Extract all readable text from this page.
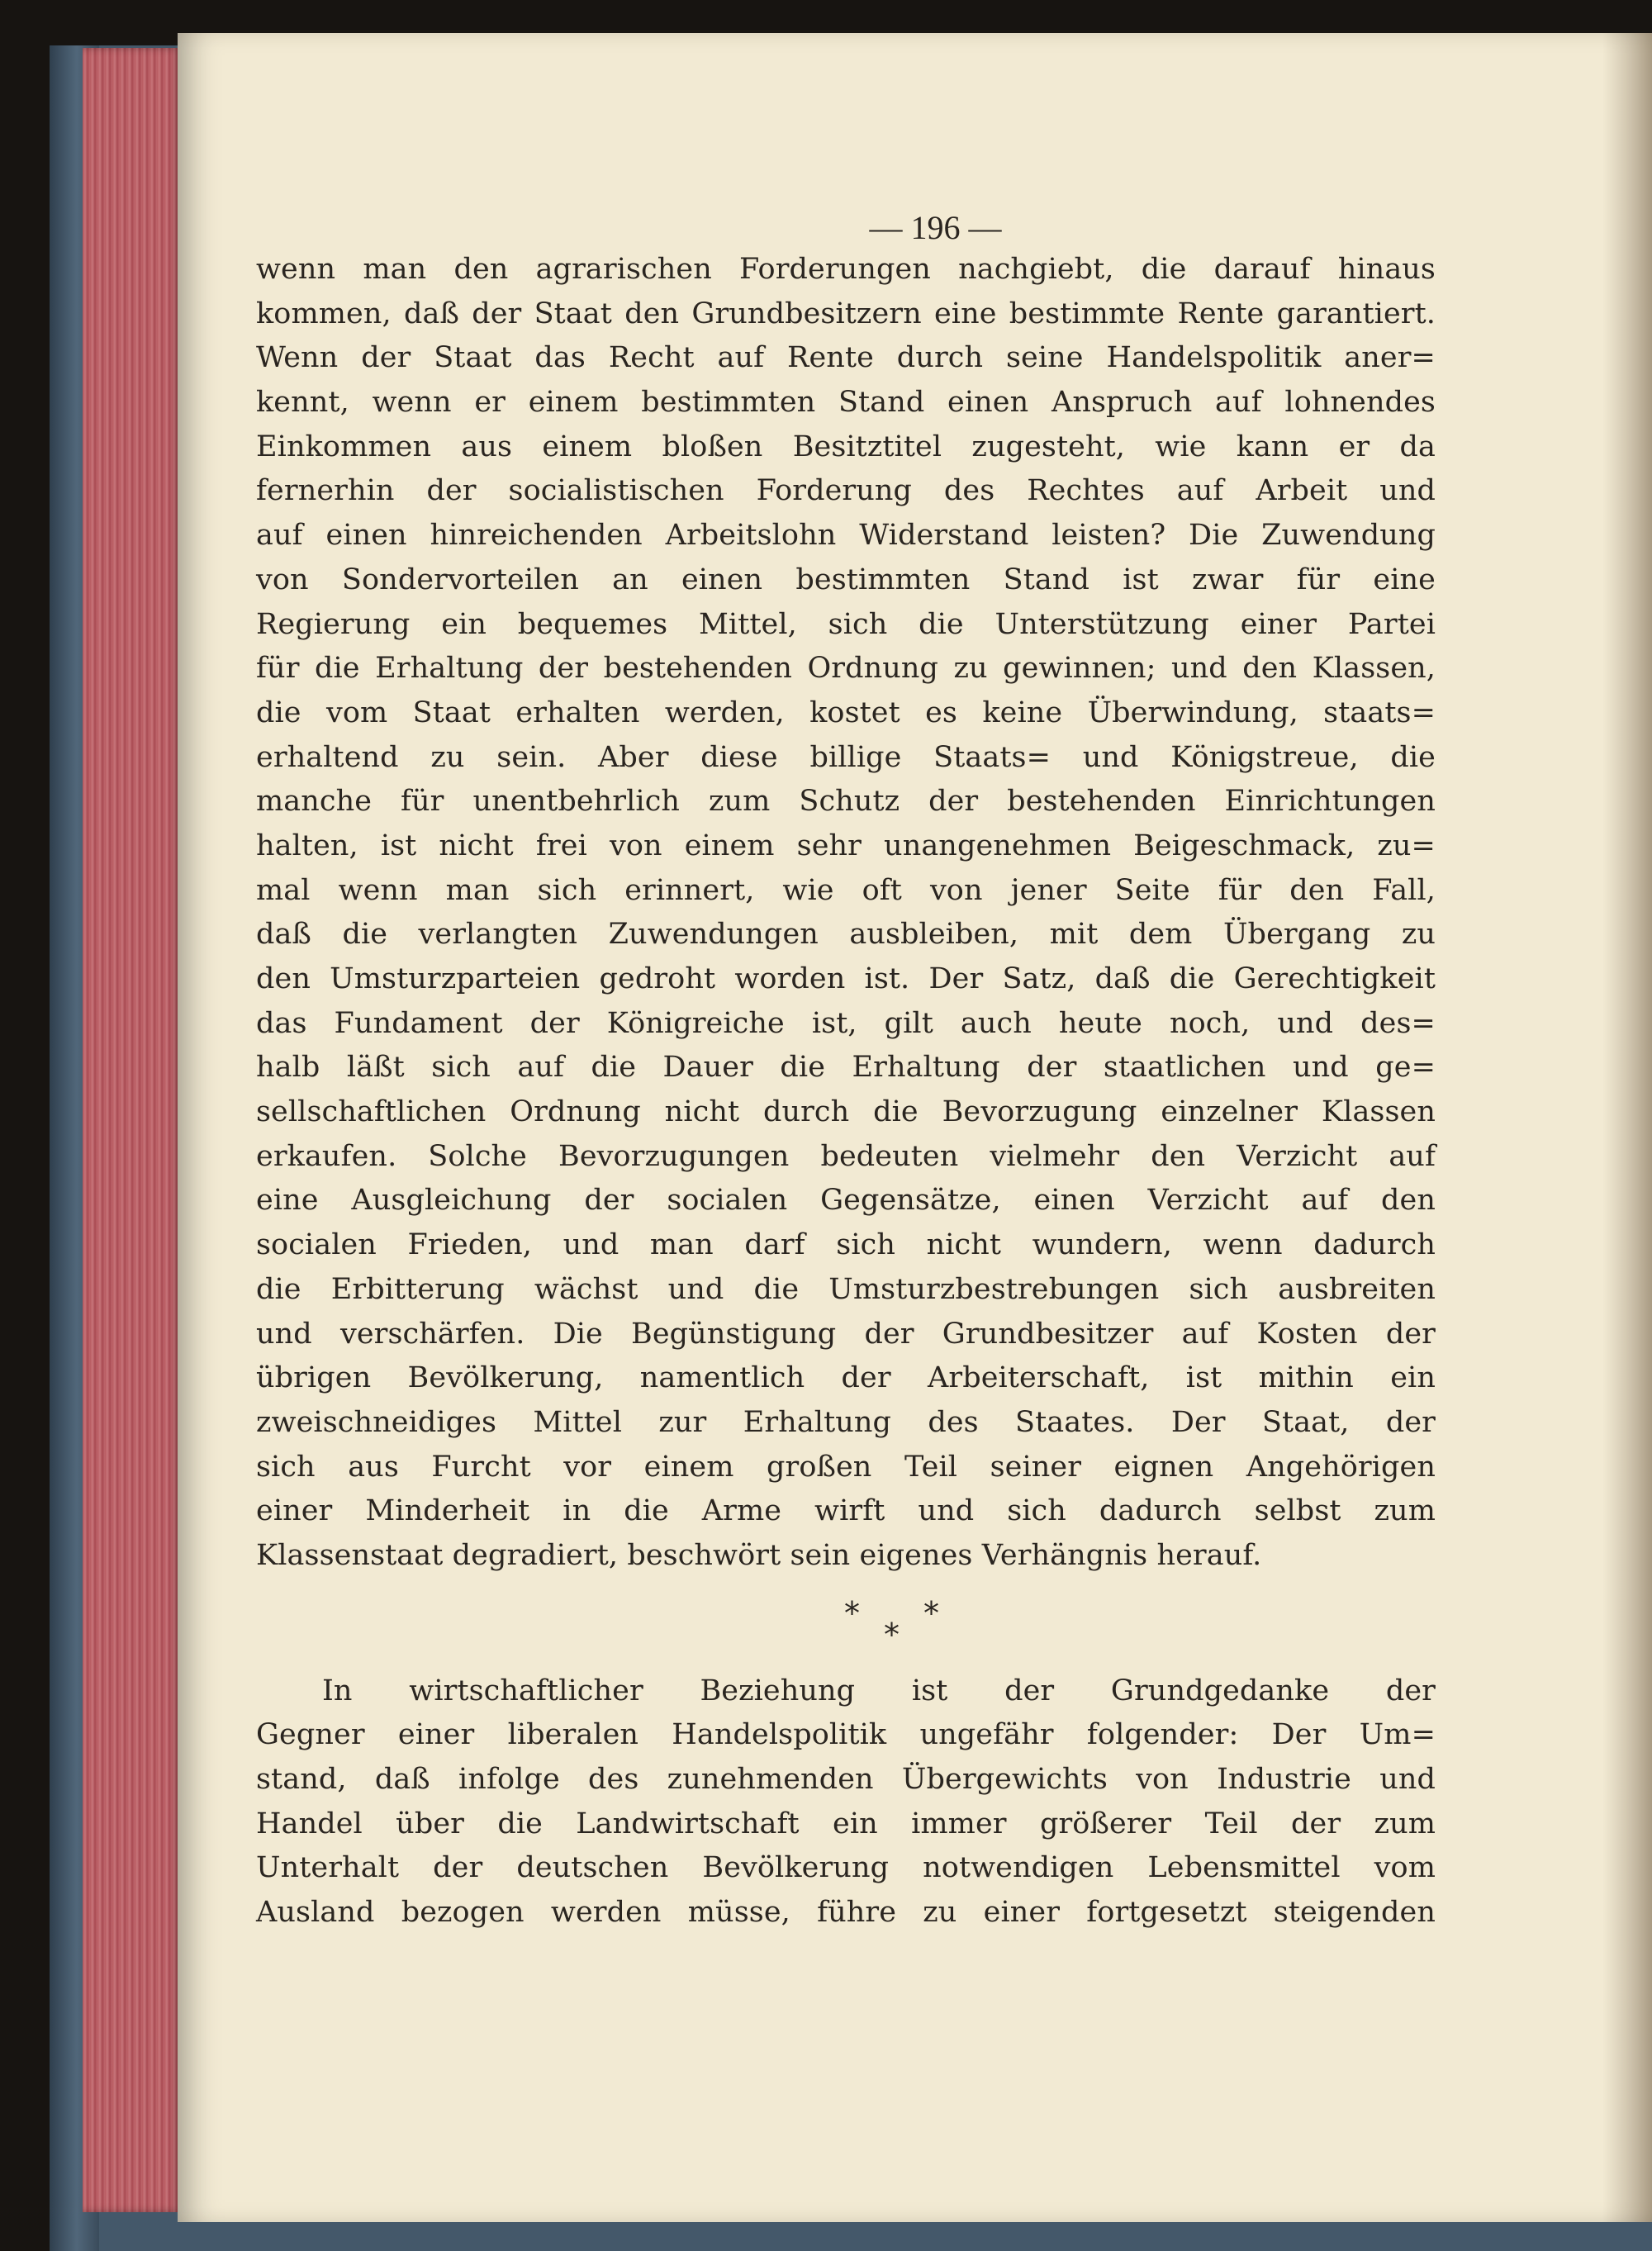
— 196 —

wenn man den agrarischen Forderungen nachgiebt, die darauf hinaus

kommen, daß der Staat den Grundbesitzern eine bestimmte Rente garantiert.

Wenn der Staat das Recht auf Rente durch seine Handelspolitik aner=

kennt, wenn er einem bestimmten Stand einen Anspruch auf lohnendes

Einkommen aus einem bloßen Besitztitel zugesteht, wie kann er da

fernerhin der socialistischen Forderung des Rechtes auf Arbeit und

auf einen hinreichenden Arbeitslohn Widerstand leisten? Die Zuwendung

von Sondervorteilen an einen bestimmten Stand ist zwar für eine

Regierung ein bequemes Mittel, sich die Unterstützung einer Partei

für die Erhaltung der bestehenden Ordnung zu gewinnen; und den Klassen,

die vom Staat erhalten werden, kostet es keine Überwindung, staats=

erhaltend zu sein. Aber diese billige Staats= und Königstreue, die

manche für unentbehrlich zum Schutz der bestehenden Einrichtungen

halten, ist nicht frei von einem sehr unangenehmen Beigeschmack, zu=

mal wenn man sich erinnert, wie oft von jener Seite für den Fall,

daß die verlangten Zuwendungen ausbleiben, mit dem Übergang zu

den Umsturzparteien gedroht worden ist. Der Satz, daß die Gerechtigkeit

das Fundament der Königreiche ist, gilt auch heute noch, und des=

halb läßt sich auf die Dauer die Erhaltung der staatlichen und ge=

sellschaftlichen Ordnung nicht durch die Bevorzugung einzelner Klassen

erkaufen. Solche Bevorzugungen bedeuten vielmehr den Verzicht auf

eine Ausgleichung der socialen Gegensätze, einen Verzicht auf den

socialen Frieden, und man darf sich nicht wundern, wenn dadurch

die Erbitterung wächst und die Umsturzbestrebungen sich ausbreiten

und verschärfen. Die Begünstigung der Grundbesitzer auf Kosten der

übrigen Bevölkerung, namentlich der Arbeiterschaft, ist mithin ein

zweischneidiges Mittel zur Erhaltung des Staates. Der Staat, der

sich aus Furcht vor einem großen Teil seiner eignen Angehörigen

einer Minderheit in die Arme wirft und sich dadurch selbst zum

Klassenstaat degradiert, beschwört sein eigenes Verhängnis herauf.

*
*
*

In wirtschaftlicher Beziehung ist der Grundgedanke der

Gegner einer liberalen Handelspolitik ungefähr folgender: Der Um=

stand, daß infolge des zunehmenden Übergewichts von Industrie und

Handel über die Landwirtschaft ein immer größerer Teil der zum

Unterhalt der deutschen Bevölkerung notwendigen Lebensmittel vom

Ausland bezogen werden müsse, führe zu einer fortgesetzt steigenden
